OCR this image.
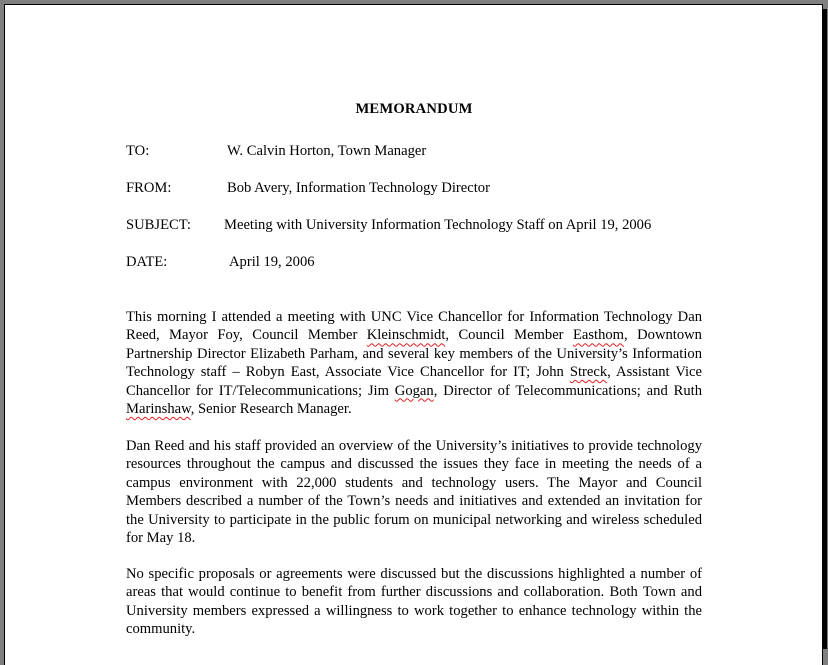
MEMORANDUM
TO:	W. Calvin Horton, Town Manager
FROM:	Bob Avery, Information Technology Director
SUBJECT: Meeting with University Information Technology Staff on April 19, 2006
DATE:	April 19, 2006

This morning I attended a meeting with UNC Vice Chancellor for Information Technology Dan Reed, Mayor Foy, Council Member Kleinschmidt, Council Member Easthom, Downtown Partnership Director Elizabeth Parham, and several key members of the University’s Information Technology staff – Robyn East, Associate Vice Chancellor for IT; John Streck, Assistant Vice Chancellor for IT/Telecommunications; Jim Gogan, Director of Telecommunications; and Ruth Marinshaw, Senior Research Manager.

Dan Reed and his staff provided an overview of the University’s initiatives to provide technology resources throughout the campus and discussed the issues they face in meeting the needs of a campus environment with 22,000 students and technology users. The Mayor and Council Members described a number of the Town’s needs and initiatives and extended an invitation for the University to participate in the public forum on municipal networking and wireless scheduled for May 18.

No specific proposals or agreements were discussed but the discussions highlighted a number of areas that would continue to benefit from further discussions and collaboration. Both Town and University members expressed a willingness to work together to enhance technology within the community.
